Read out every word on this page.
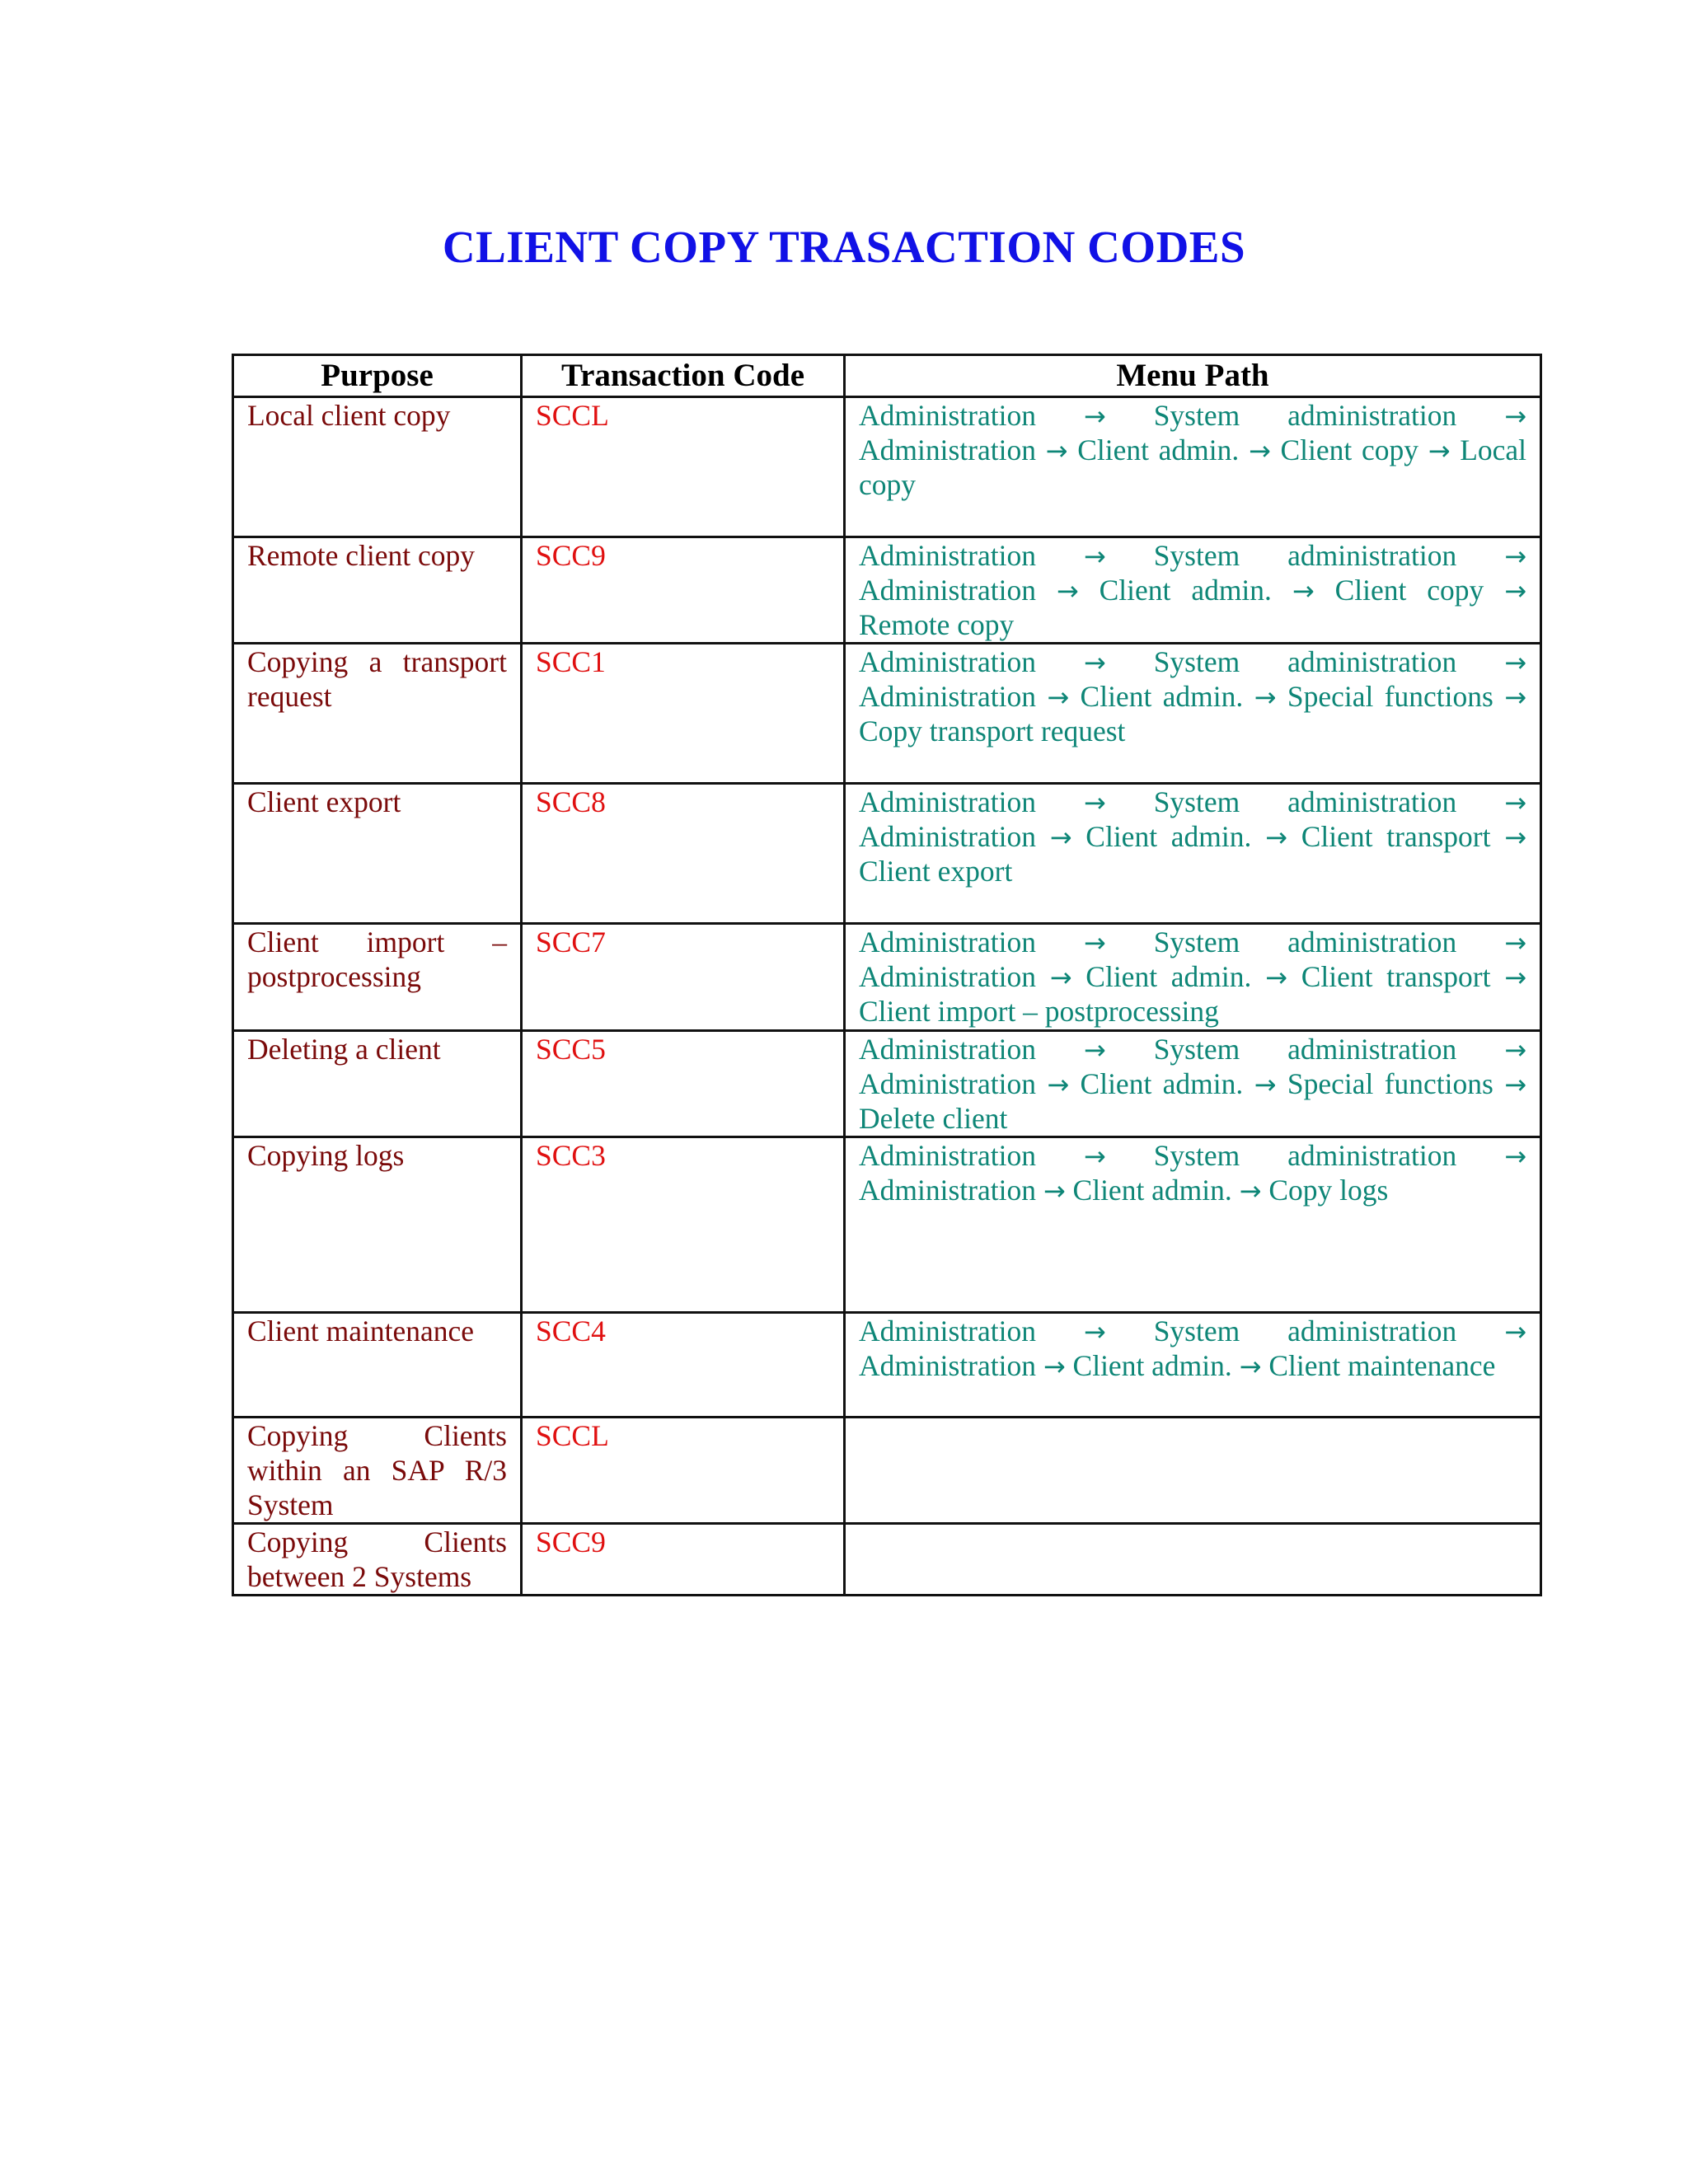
CLIENT COPY TRASACTION CODES
Purpose	Transaction Code	Menu Path
Local client copy	SCCL	Administration → System administration → Administration → Client admin. → Client copy → Local copy
Remote client copy	SCC9	Administration → System administration → Administration → Client admin. → Client copy → Remote copy
Copying a transport request	SCC1	Administration → System administration → Administration → Client admin. → Special functions → Copy transport request
Client export	SCC8	Administration → System administration → Administration → Client admin. → Client transport → Client export
Client import – postprocessing	SCC7	Administration → System administration → Administration → Client admin. → Client transport → Client import – postprocessing
Deleting a client	SCC5	Administration → System administration → Administration → Client admin. → Special functions → Delete client
Copying logs	SCC3	Administration → System administration → Administration → Client admin. → Copy logs
Client maintenance	SCC4	Administration → System administration → Administration → Client admin. → Client maintenance
Copying Clients within an SAP R/3 System	SCCL	
Copying Clients between 2 Systems	SCC9	
